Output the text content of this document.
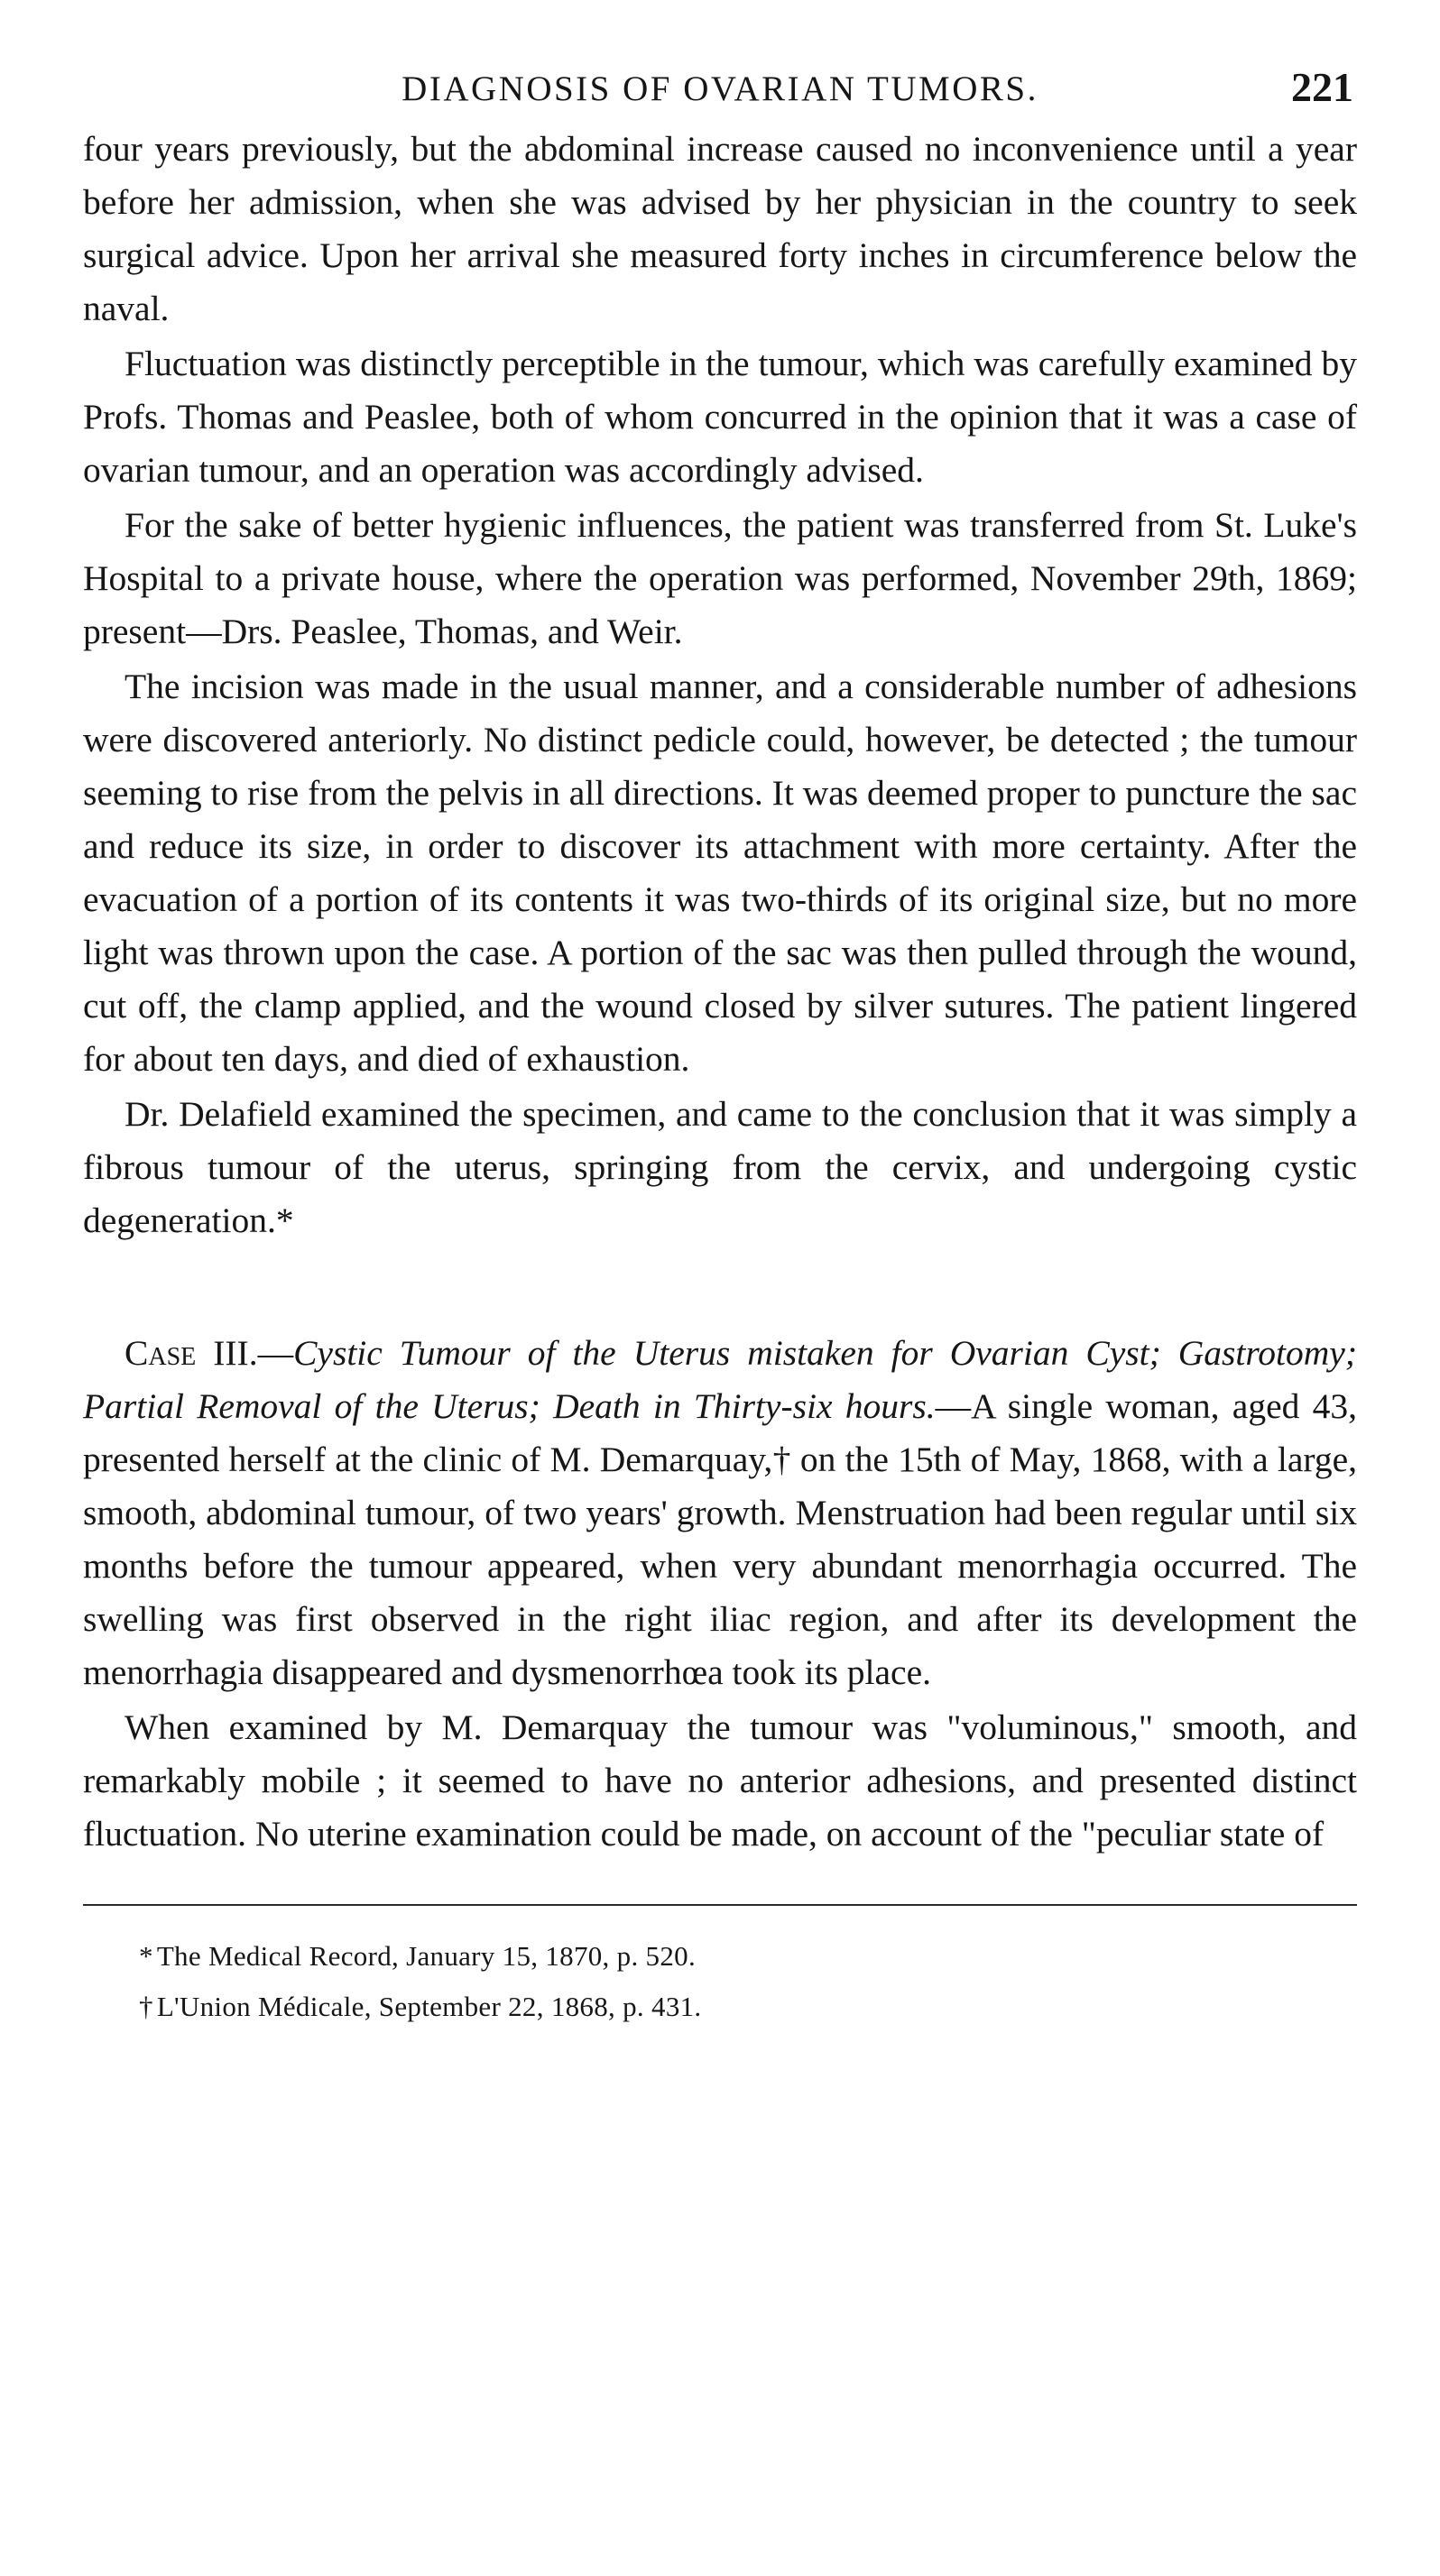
DIAGNOSIS OF OVARIAN TUMORS.	221

four years previously, but the abdominal increase caused no inconvenience until a year before her admission, when she was advised by her physician in the country to seek surgical advice. Upon her arrival she measured forty inches in circumference below the naval.

Fluctuation was distinctly perceptible in the tumour, which was carefully examined by Profs. Thomas and Peaslee, both of whom concurred in the opinion that it was a case of ovarian tumour, and an operation was accordingly advised.

For the sake of better hygienic influences, the patient was transferred from St. Luke's Hospital to a private house, where the operation was performed, November 29th, 1869; present—Drs. Peaslee, Thomas, and Weir.

The incision was made in the usual manner, and a considerable number of adhesions were discovered anteriorly. No distinct pedicle could, however, be detected ; the tumour seeming to rise from the pelvis in all directions. It was deemed proper to puncture the sac and reduce its size, in order to discover its attachment with more certainty. After the evacuation of a portion of its contents it was two-thirds of its original size, but no more light was thrown upon the case. A portion of the sac was then pulled through the wound, cut off, the clamp applied, and the wound closed by silver sutures. The patient lingered for about ten days, and died of exhaustion.

Dr. Delafield examined the specimen, and came to the conclusion that it was simply a fibrous tumour of the uterus, springing from the cervix, and undergoing cystic degeneration.*

Case III.—Cystic Tumour of the Uterus mistaken for Ovarian Cyst; Gastrotomy; Partial Removal of the Uterus; Death in Thirty-six hours.—A single woman, aged 43, presented herself at the clinic of M. Demarquay,† on the 15th of May, 1868, with a large, smooth, abdominal tumour, of two years' growth. Menstruation had been regular until six months before the tumour appeared, when very abundant menorrhagia occurred. The swelling was first observed in the right iliac region, and after its development the menorrhagia disappeared and dysmenorrhœa took its place.

When examined by M. Demarquay the tumour was "voluminous," smooth, and remarkably mobile ; it seemed to have no anterior adhesions, and presented distinct fluctuation. No uterine examination could be made, on account of the "peculiar state of

* The Medical Record, January 15, 1870, p. 520.
† L'Union Médicale, September 22, 1868, p. 431.
